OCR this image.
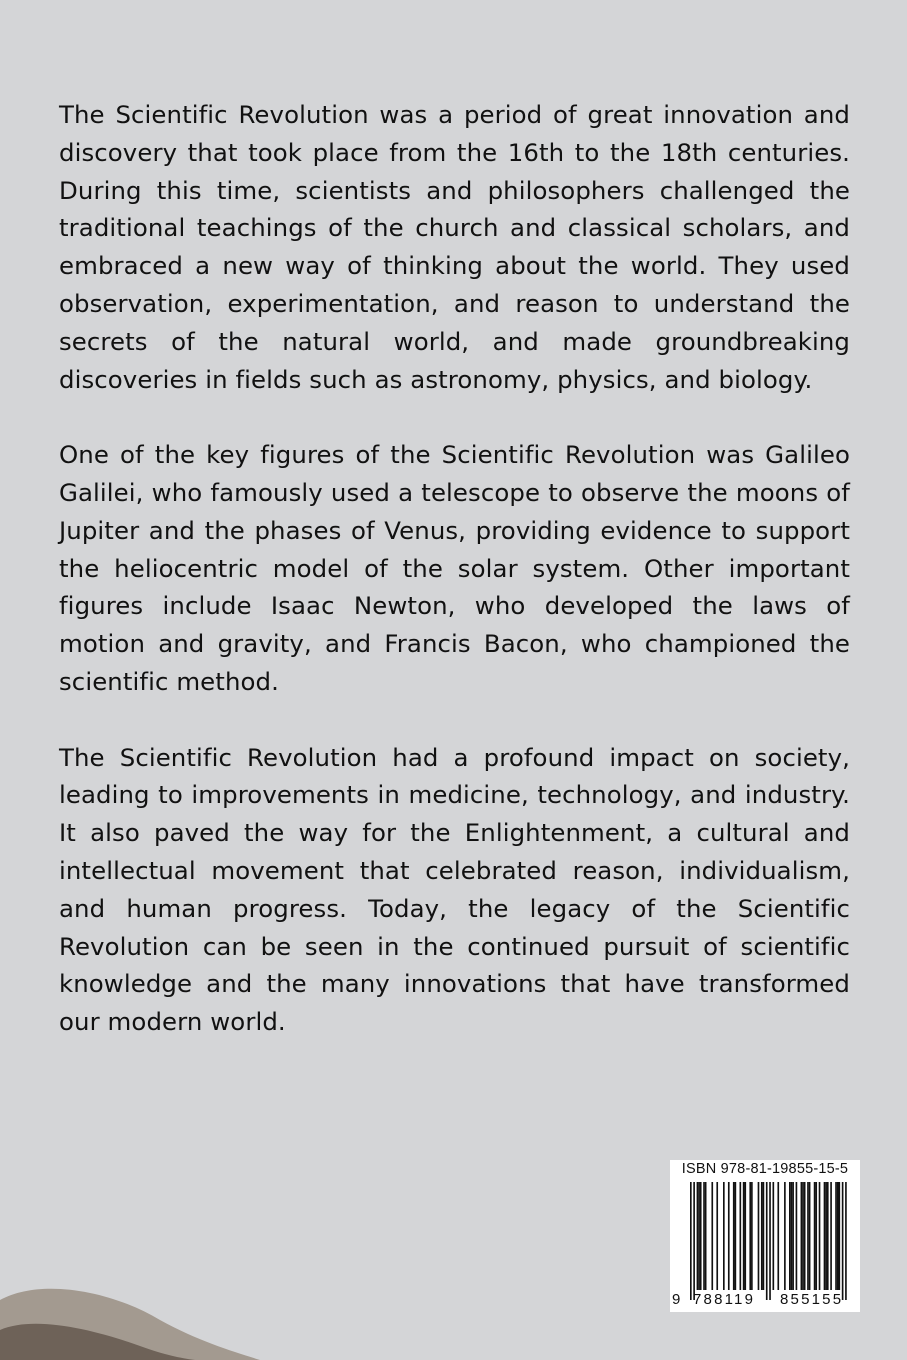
The Scientific Revolution was a period of great innovation and discovery that took place from the 16th to the 18th centuries. During this time, scientists and philosophers challenged the traditional teachings of the church and classical scholars, and embraced a new way of thinking about the world. They used observation, experimentation, and reason to understand the secrets of the natural world, and made groundbreaking discoveries in fields such as astronomy, physics, and biology.

One of the key figures of the Scientific Revolution was Galileo Galilei, who famously used a telescope to observe the moons of Jupiter and the phases of Venus, providing evidence to support the heliocentric model of the solar system. Other important figures include Isaac Newton, who developed the laws of motion and gravity, and Francis Bacon, who championed the scientific method.

The Scientific Revolution had a profound impact on society, leading to improvements in medicine, technology, and industry. It also paved the way for the Enlightenment, a cultural and intellectual movement that celebrated reason, individualism, and human progress. Today, the legacy of the Scientific Revolution can be seen in the continued pursuit of scientific knowledge and the many innovations that have transformed our modern world.

ISBN 978-81-19855-15-5
9 788119 855155
